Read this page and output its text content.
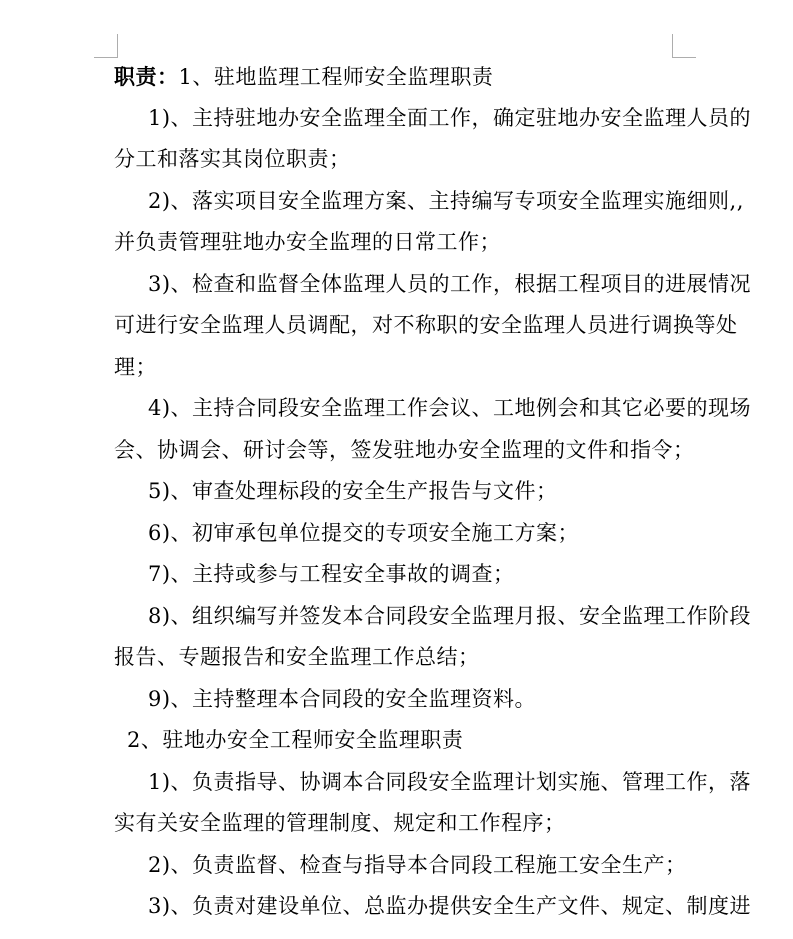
职责：1、驻地监理工程师安全监理职责
1)、主持驻地办安全监理全面工作，确定驻地办安全监理人员的
分工和落实其岗位职责；
2)、落实项目安全监理方案、主持编写专项安全监理实施细则,,
并负责管理驻地办安全监理的日常工作；
3)、检查和监督全体监理人员的工作，根据工程项目的进展情况
可进行安全监理人员调配，对不称职的安全监理人员进行调换等处
理；
4)、主持合同段安全监理工作会议、工地例会和其它必要的现场
会、协调会、研讨会等，签发驻地办安全监理的文件和指令；
5)、审查处理标段的安全生产报告与文件；
6)、初审承包单位提交的专项安全施工方案；
7)、主持或参与工程安全事故的调查；
8)、组织编写并签发本合同段安全监理月报、安全监理工作阶段
报告、专题报告和安全监理工作总结；
9)、主持整理本合同段的安全监理资料。
2、驻地办安全工程师安全监理职责
1)、负责指导、协调本合同段安全监理计划实施、管理工作，落
实有关安全监理的管理制度、规定和工作程序；
2)、负责监督、检查与指导本合同段工程施工安全生产；
3)、负责对建设单位、总监办提供安全生产文件、规定、制度进
